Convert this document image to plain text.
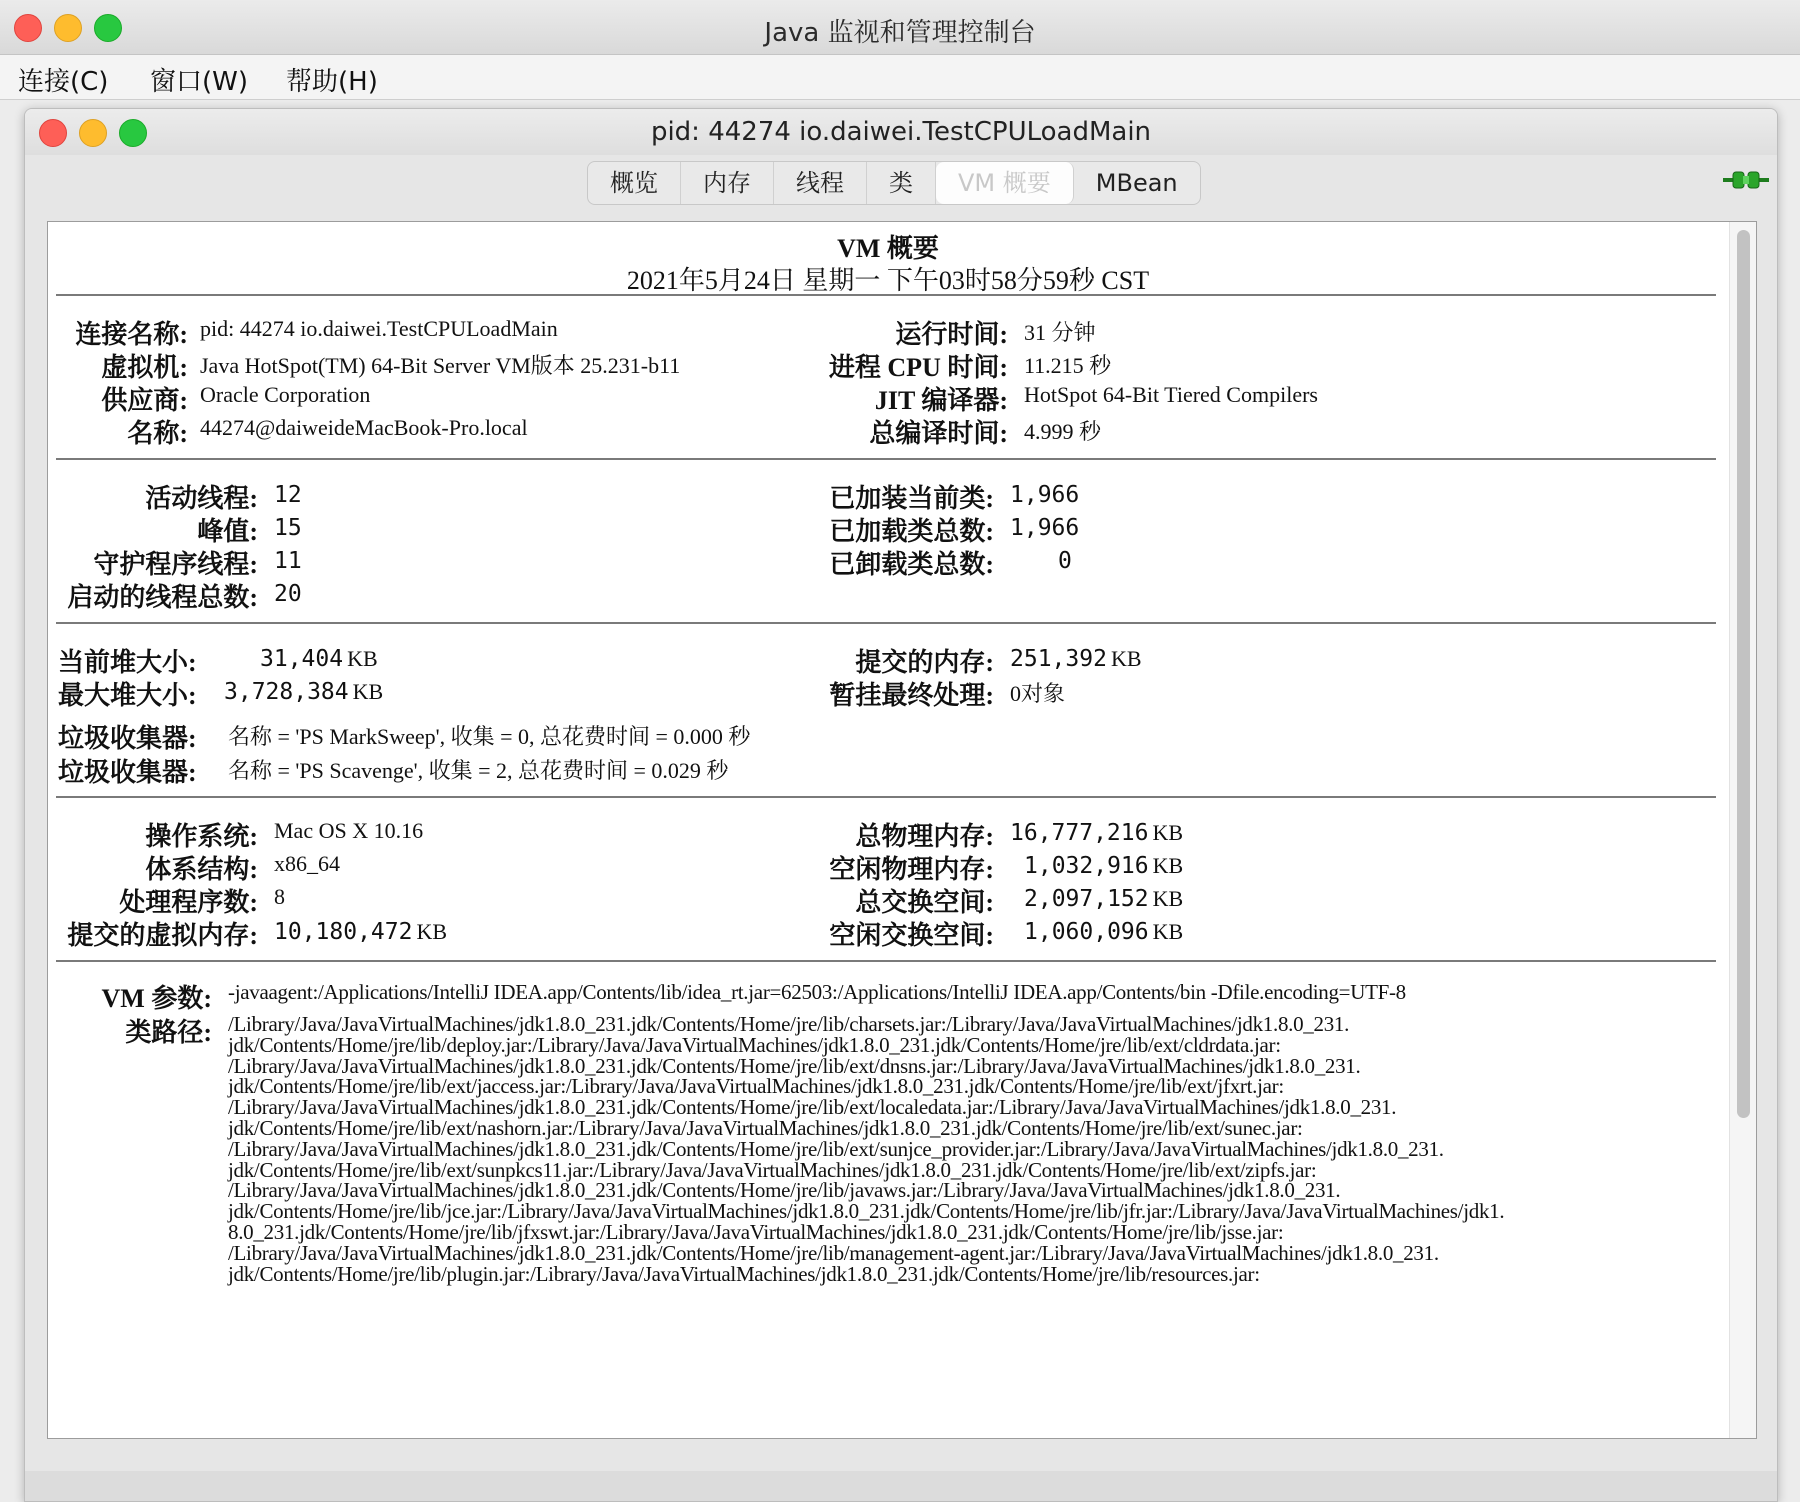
Java 监视和管理控制台
连接(C) 窗口(W) 帮助(H)
pid: 44274 io.daiwei.TestCPULoadMain
概览	内存	线程	类	VM 概要	MBean
VM 概要
2021年5月24日 星期一 下午03时58分59秒 CST
连接名称: pid: 44274 io.daiwei.TestCPULoadMain
虚拟机: Java HotSpot(TM) 64-Bit Server VM版本 25.231-b11
供应商: Oracle Corporation
名称: 44274@daiweideMacBook-Pro.local
运行时间: 31 分钟
进程 CPU 时间: 11.215 秒
JIT 编译器: HotSpot 64-Bit Tiered Compilers
总编译时间: 4.999 秒
活动线程: 12
峰值: 15
守护程序线程: 11
启动的线程总数: 20
已加装当前类: 1,966
已加载类总数: 1,966
已卸载类总数:	0
当前堆大小:	31,404 KB
最大堆大小: 3,728,384 KB
提交的内存: 251,392 KB
暂挂最终处理: 0对象
垃圾收集器:	名称 = 'PS MarkSweep', 收集 = 0, 总花费时间 = 0.000 秒
垃圾收集器:	名称 = 'PS Scavenge', 收集 = 2, 总花费时间 = 0.029 秒
操作系统: Mac OS X 10.16
体系结构: x86_64
处理程序数: 8
提交的虚拟内存: 10,180,472 KB
总物理内存: 16,777,216 KB
空闲物理内存: 1,032,916 KB
总交换空间: 2,097,152 KB
空闲交换空间: 1,060,096 KB
VM 参数: -javaagent:/Applications/IntelliJ IDEA.app/Contents/lib/idea_rt.jar=62503:/Applications/IntelliJ IDEA.app/Contents/bin -Dfile.encoding=UTF-8
类路径: /Library/Java/JavaVirtualMachines/jdk1.8.0_231.jdk/Contents/Home/jre/lib/charsets.jar:/Library/Java/JavaVirtualMachines/jdk1.8.0_231.
jdk/Contents/Home/jre/lib/deploy.jar:/Library/Java/JavaVirtualMachines/jdk1.8.0_231.jdk/Contents/Home/jre/lib/ext/cldrdata.jar:
/Library/Java/JavaVirtualMachines/jdk1.8.0_231.jdk/Contents/Home/jre/lib/ext/dnsns.jar:/Library/Java/JavaVirtualMachines/jdk1.8.0_231.
jdk/Contents/Home/jre/lib/ext/jaccess.jar:/Library/Java/JavaVirtualMachines/jdk1.8.0_231.jdk/Contents/Home/jre/lib/ext/jfxrt.jar:
/Library/Java/JavaVirtualMachines/jdk1.8.0_231.jdk/Contents/Home/jre/lib/ext/localedata.jar:/Library/Java/JavaVirtualMachines/jdk1.8.0_231.
jdk/Contents/Home/jre/lib/ext/nashorn.jar:/Library/Java/JavaVirtualMachines/jdk1.8.0_231.jdk/Contents/Home/jre/lib/ext/sunec.jar:
/Library/Java/JavaVirtualMachines/jdk1.8.0_231.jdk/Contents/Home/jre/lib/ext/sunjce_provider.jar:/Library/Java/JavaVirtualMachines/jdk1.8.0_231.
jdk/Contents/Home/jre/lib/ext/sunpkcs11.jar:/Library/Java/JavaVirtualMachines/jdk1.8.0_231.jdk/Contents/Home/jre/lib/ext/zipfs.jar:
/Library/Java/JavaVirtualMachines/jdk1.8.0_231.jdk/Contents/Home/jre/lib/javaws.jar:/Library/Java/JavaVirtualMachines/jdk1.8.0_231.
jdk/Contents/Home/jre/lib/jce.jar:/Library/Java/JavaVirtualMachines/jdk1.8.0_231.jdk/Contents/Home/jre/lib/jfr.jar:/Library/Java/JavaVirtualMachines/jdk1.
8.0_231.jdk/Contents/Home/jre/lib/jfxswt.jar:/Library/Java/JavaVirtualMachines/jdk1.8.0_231.jdk/Contents/Home/jre/lib/jsse.jar:
/Library/Java/JavaVirtualMachines/jdk1.8.0_231.jdk/Contents/Home/jre/lib/management-agent.jar:/Library/Java/JavaVirtualMachines/jdk1.8.0_231.
jdk/Contents/Home/jre/lib/plugin.jar:/Library/Java/JavaVirtualMachines/jdk1.8.0_231.jdk/Contents/Home/jre/lib/resources.jar:
